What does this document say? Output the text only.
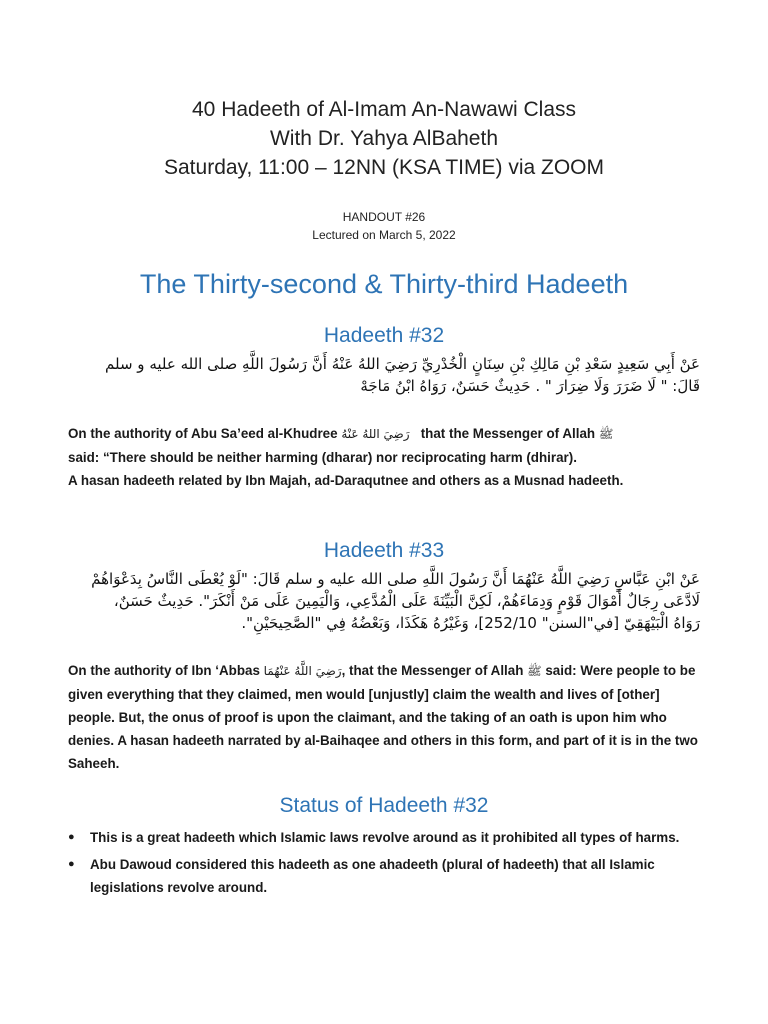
40 Hadeeth of Al-Imam An-Nawawi Class
With Dr. Yahya AlBaheth
Saturday, 11:00 – 12NN (KSA TIME) via ZOOM
HANDOUT #26
Lectured on March 5, 2022
The Thirty-second & Thirty-third Hadeeth
Hadeeth #32
عَنْ أَبِي سَعِيدٍ سَعْدِ بْنِ مَالِكِ بْنِ سِنَانٍ الْخُدْرِيِّ رَضِيَ اللهُ عَنْهُ أَنَّ رَسُولَ اللَّهِ صلى الله عليه و سلم قَالَ: " لَا ضَرَرَ وَلَا ضِرَارَ " . حَدِيثٌ حَسَنٌ، رَوَاهُ ابْنُ مَاجَهْ
On the authority of Abu Sa’eed al-Khudree رَضِيَ اللهُ عَنْهُ that the Messenger of Allah ﷺ
said: “There should be neither harming (dharar) nor reciprocating harm (dhirar).
A hasan hadeeth related by Ibn Majah, ad-Daraqutnee and others as a Musnad hadeeth.
Hadeeth #33
عَنْ ابْنِ عَبَّاسٍ رَضِيَ اللَّهُ عَنْهُمَا أَنَّ رَسُولَ اللَّهِ صلى الله عليه و سلم قَالَ: "لَوْ يُعْطَى النَّاسُ بِدَعْوَاهُمْ لَادَّعَى رِجَالٌ أَمْوَالَ قَوْمٍ وَدِمَاءَهُمْ، لَكِنَّ الْبَيِّنَةَ عَلَى الْمُدَّعِي، وَالْيَمِينَ عَلَى مَنْ أَنْكَرَ". حَدِيثٌ حَسَنٌ، رَوَاهُ الْبَيْهَقِيّ [في"السنن" 252/10]، وَغَيْرُهُ هَكَذَا، وَبَعْضُهُ فِي "الصَّحِيحَيْنِ".
On the authority of Ibn ‘Abbas رَضِيَ اللَّهُ عَنْهُمَا, that the Messenger of Allah ﷺ said: Were people to be given everything that they claimed, men would [unjustly] claim the wealth and lives of [other] people. But, the onus of proof is upon the claimant, and the taking of an oath is upon him who denies. A hasan hadeeth narrated by al-Baihaqee and others in this form, and part of it is in the two Saheeh.
Status of Hadeeth #32
● This is a great hadeeth which Islamic laws revolve around as it prohibited all types of harms.
● Abu Dawoud considered this hadeeth as one ahadeeth (plural of hadeeth) that all Islamic legislations revolve around.
